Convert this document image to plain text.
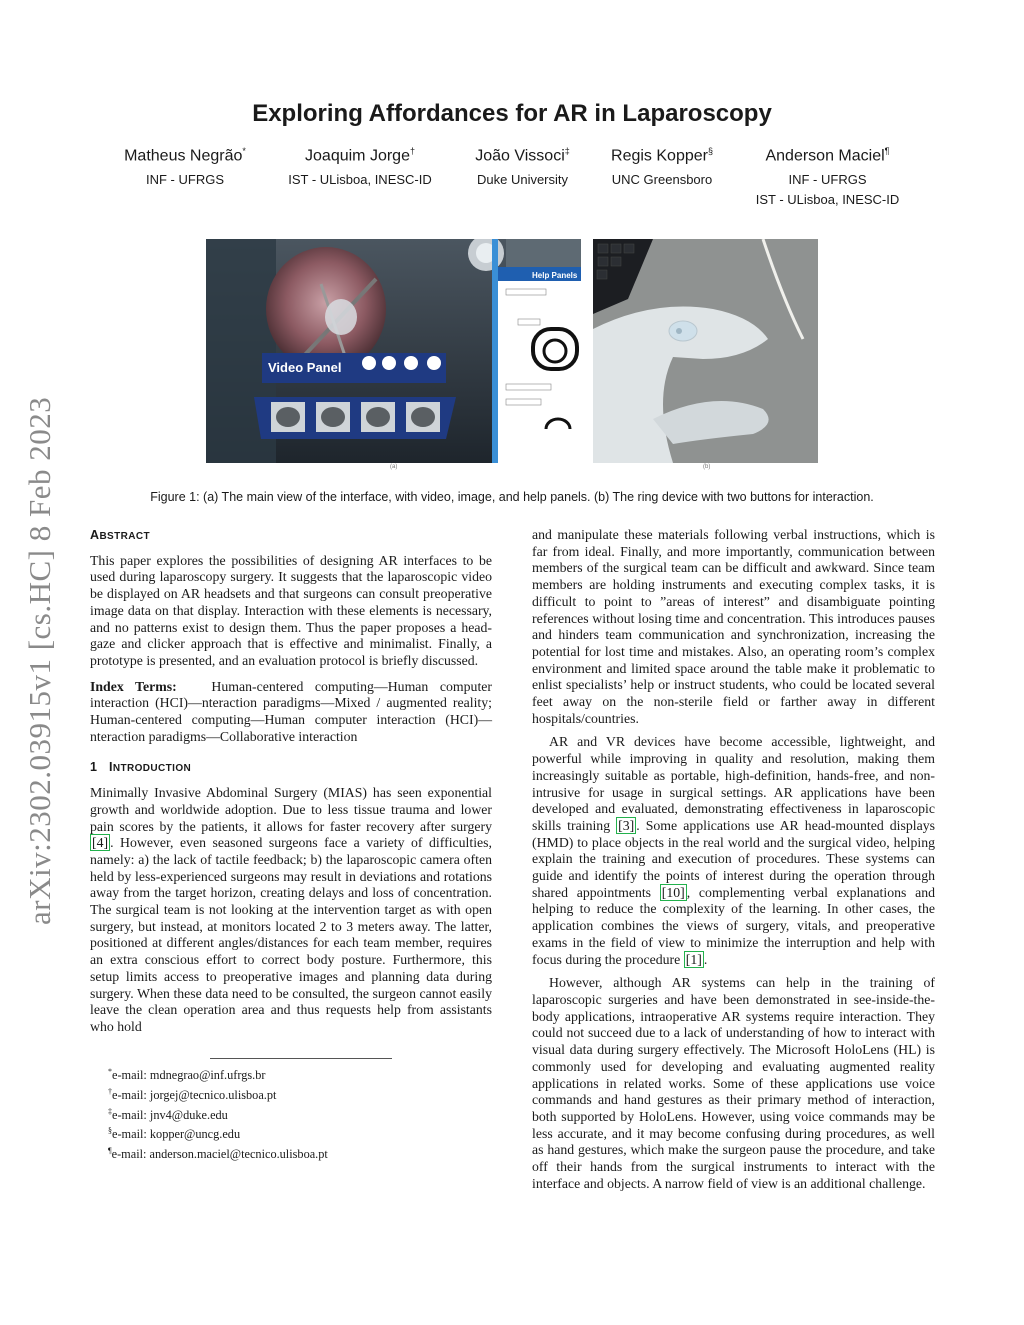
arXiv:2302.03915v1 [cs.HC] 8 Feb 2023
Exploring Affordances for AR in Laparoscopy
Matheus Negrão*
INF - UFRGS
Joaquim Jorge†
IST - ULisboa, INESC-ID
João Vissoci‡
Duke University
Regis Kopper§
UNC Greensboro
Anderson Maciel¶
INF - UFRGS
IST - ULisboa, INESC-ID
Video Panel
Help Panels
(a)	(b)
Figure 1: (a) The main view of the interface, with video, image, and help panels. (b) The ring device with two buttons for interaction.
ABSTRACT

This paper explores the possibilities of designing AR interfaces to be used during laparoscopy surgery. It suggests that the laparoscopic video be displayed on AR headsets and that surgeons can consult preoperative image data on that display. Interaction with these elements is necessary, and no patterns exist to design them. Thus the paper proposes a head-gaze and clicker approach that is effective and minimalist. Finally, a prototype is presented, and an evaluation protocol is briefly discussed.

Index Terms:	Human-centered computing—Human computer interaction (HCI)—nteraction paradigms—Mixed / augmented reality; Human-centered computing—Human computer interaction (HCI)—nteraction paradigms—Collaborative interaction

1 INTRODUCTION

Minimally Invasive Abdominal Surgery (MIAS) has seen exponential growth and worldwide adoption. Due to less tissue trauma and lower pain scores by the patients, it allows for faster recovery after surgery [4] . However, even seasoned surgeons face a variety of difficulties, namely: a) the lack of tactile feedback; b) the laparoscopic camera often held by less-experienced surgeons may result in deviations and rotations away from the target horizon, creating delays and loss of concentration. The surgical team is not looking at the intervention target as with open surgery, but instead, at monitors located 2 to 3 meters away. The latter, positioned at different angles/distances for each team member, requires an extra conscious effort to correct body posture. Furthermore, this setup limits access to preoperative images and planning data during surgery. When these data need to be consulted, the surgeon cannot easily leave the clean operation area and thus requests help from assistants who hold

*e-mail: mdnegrao@inf.ufrgs.br
†e-mail: jorgej@tecnico.ulisboa.pt
‡e-mail: jnv4@duke.edu
§e-mail: kopper@uncg.edu
¶e-mail: anderson.maciel@tecnico.ulisboa.pt

and manipulate these materials following verbal instructions, which is far from ideal. Finally, and more importantly, communication between members of the surgical team can be difficult and awkward. Since team members are holding instruments and executing complex tasks, it is difficult to point to ”areas of interest” and disambiguate pointing references without losing time and concentration. This introduces pauses and hinders team communication and synchronization, increasing the potential for lost time and mistakes. Also, an operating room’s complex environment and limited space around the table make it problematic to enlist specialists’ help or instruct students, who could be located several feet away on the non-sterile field or farther away in different hospitals/countries.

AR and VR devices have become accessible, lightweight, and powerful while improving in quality and resolution, making them increasingly suitable as portable, high-definition, hands-free, and non-intrusive for usage in surgical settings. AR applications have been developed and evaluated, demonstrating effectiveness in laparoscopic skills training [3] . Some applications use AR head-mounted displays (HMD) to place objects in the real world and the surgical video, helping explain the training and execution of procedures. These systems can guide and identify the points of interest during the operation through shared appointments [10] , complementing verbal explanations and helping to reduce the complexity of the learning. In other cases, the application combines the views of surgery, vitals, and preoperative exams in the field of view to minimize the interruption and help with focus during the procedure [1] .

However, although AR systems can help in the training of laparoscopic surgeries and have been demonstrated in see-inside-the-body applications, intraoperative AR systems require interaction. They could not succeed due to a lack of understanding of how to interact with visual data during surgery effectively. The Microsoft HoloLens (HL) is commonly used for developing and evaluating augmented reality applications in related works. Some of these applications use voice commands and hand gestures as their primary method of interaction, both supported by HoloLens. However, using voice commands may be less accurate, and it may become confusing during procedures, as well as hand gestures, which make the surgeon pause the procedure, and take off their hands from the surgical instruments to interact with the interface and objects. A narrow field of view is an additional challenge.
